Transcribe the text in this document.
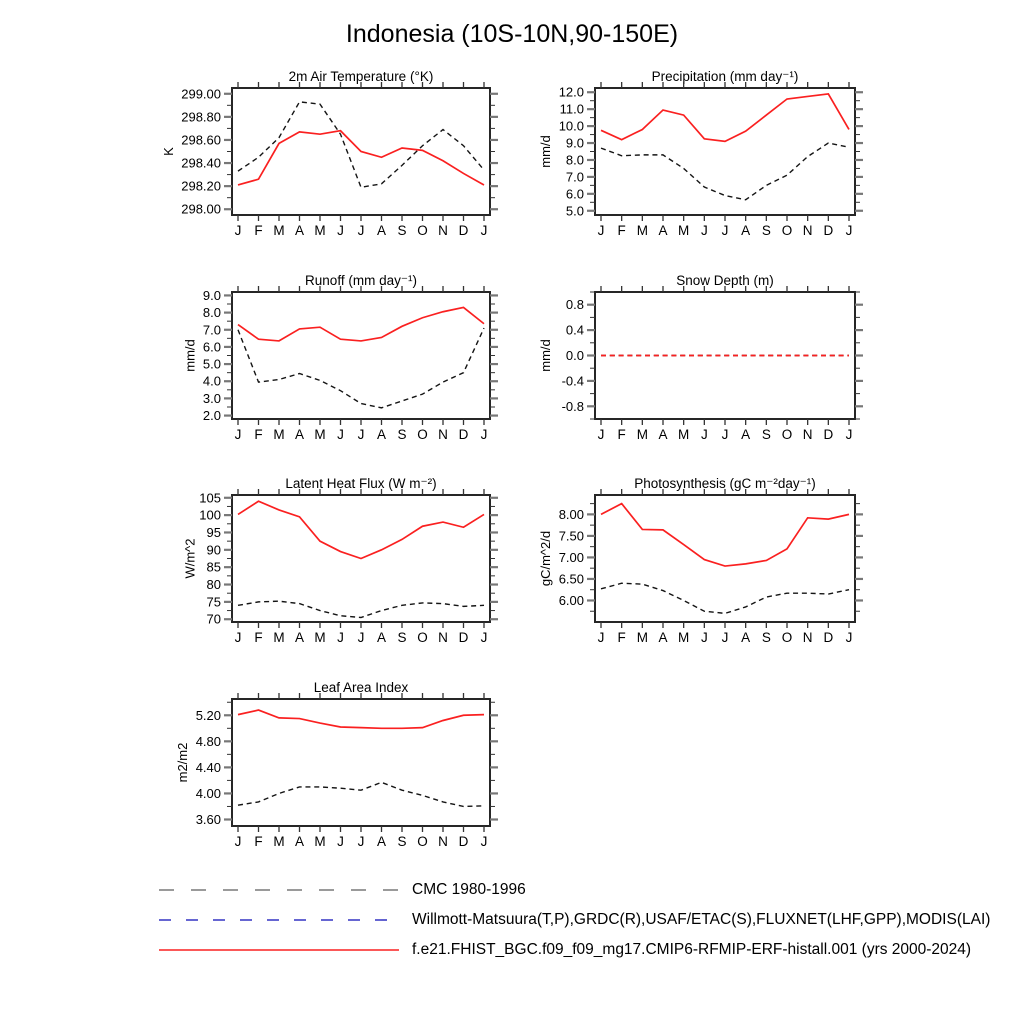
Indonesia (10S-10N,90-150E)
2m Air Temperature (°K)
J F M A M J J A S O N D J
298.00
298.20
298.40
298.60
298.80
299.00
K
Precipitation (mm day⁻¹)
J F M A M J J A S O N D J
5.0
6.0
7.0
8.0
9.0
10.0
11.0
12.0
mm/d
Runoff (mm day⁻¹)
J F M A M J J A S O N D J
2.0
3.0
4.0
5.0
6.0
7.0
8.0
9.0
mm/d
Snow Depth (m)
J F M A M J J A S O N D J
-0.8
-0.4
0.0
0.4
0.8
mm/d
Latent Heat Flux (W m⁻²)
J F M A M J J A S O N D J
70
75
80
85
90
95
100
105
W/m^2
Photosynthesis (gC m⁻²day⁻¹)
J F M A M J J A S O N D J
6.00
6.50
7.00
7.50
8.00
gC/m^2/d
Leaf Area Index
J F M A M J J A S O N D J
3.60
4.00
4.40
4.80
5.20
m2/m2
CMC 1980-1996
Willmott-Matsuura(T,P),GRDC(R),USAF/ETAC(S),FLUXNET(LHF,GPP),MODIS(LAI)
f.e21.FHIST_BGC.f09_f09_mg17.CMIP6-RFMIP-ERF-histall.001 (yrs 2000-2024)
